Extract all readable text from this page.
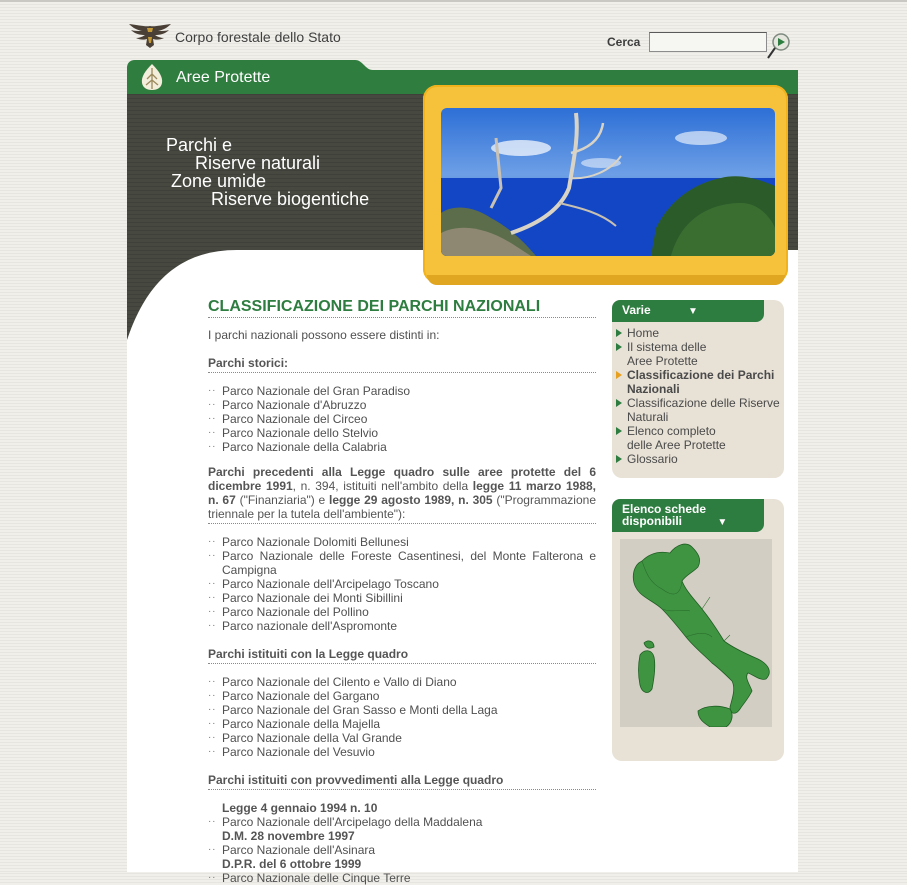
Corpo forestale dello Stato	Cerca
Aree Protette
Parchi e
Riserve naturali
Zone umide
Riserve biogentiche
CLASSIFICAZIONE DEI PARCHI NAZIONALI

I parchi nazionali possono essere distinti in:

Parchi storici:
· · Parco Nazionale del Gran Paradiso
· · Parco Nazionale d'Abruzzo
· · Parco Nazionale del Circeo
· · Parco Nazionale dello Stelvio
· · Parco Nazionale della Calabria
Parchi precedenti alla Legge quadro sulle aree protette del 6 dicembre 1991, n. 394, istituiti nell'ambito della legge 11 marzo 1988, n. 67 ("Finanziaria") e legge 29 agosto 1989, n. 305 ("Programmazione triennale per la tutela dell'ambiente"):
· · Parco Nazionale Dolomiti Bellunesi
· · Parco Nazionale delle Foreste Casentinesi, del Monte Falterona e Campigna
· · Parco Nazionale dell'Arcipelago Toscano
· · Parco Nazionale dei Monti Sibillini
· · Parco Nazionale del Pollino
· · Parco nazionale dell'Aspromonte
Parchi istituiti con la Legge quadro
· · Parco Nazionale del Cilento e Vallo di Diano
· · Parco Nazionale del Gargano
· · Parco Nazionale del Gran Sasso e Monti della Laga
· · Parco Nazionale della Majella
· · Parco Nazionale della Val Grande
· · Parco Nazionale del Vesuvio
Parchi istituiti con provvedimenti alla Legge quadro
Legge 4 gennaio 1994 n. 10
· · Parco Nazionale dell'Arcipelago della Maddalena
D.M. 28 novembre 1997
· · Parco Nazionale dell'Asinara
D.P.R. del 6 ottobre 1999
· · Parco Nazionale delle Cinque Terre
Varie	▼
Home
Il sistema delle Aree Protette
Classificazione dei Parchi Nazionali
Classificazione delle Riserve Naturali
Elenco completo delle Aree Protette
Glossario
Elenco schede disponibili	▼
